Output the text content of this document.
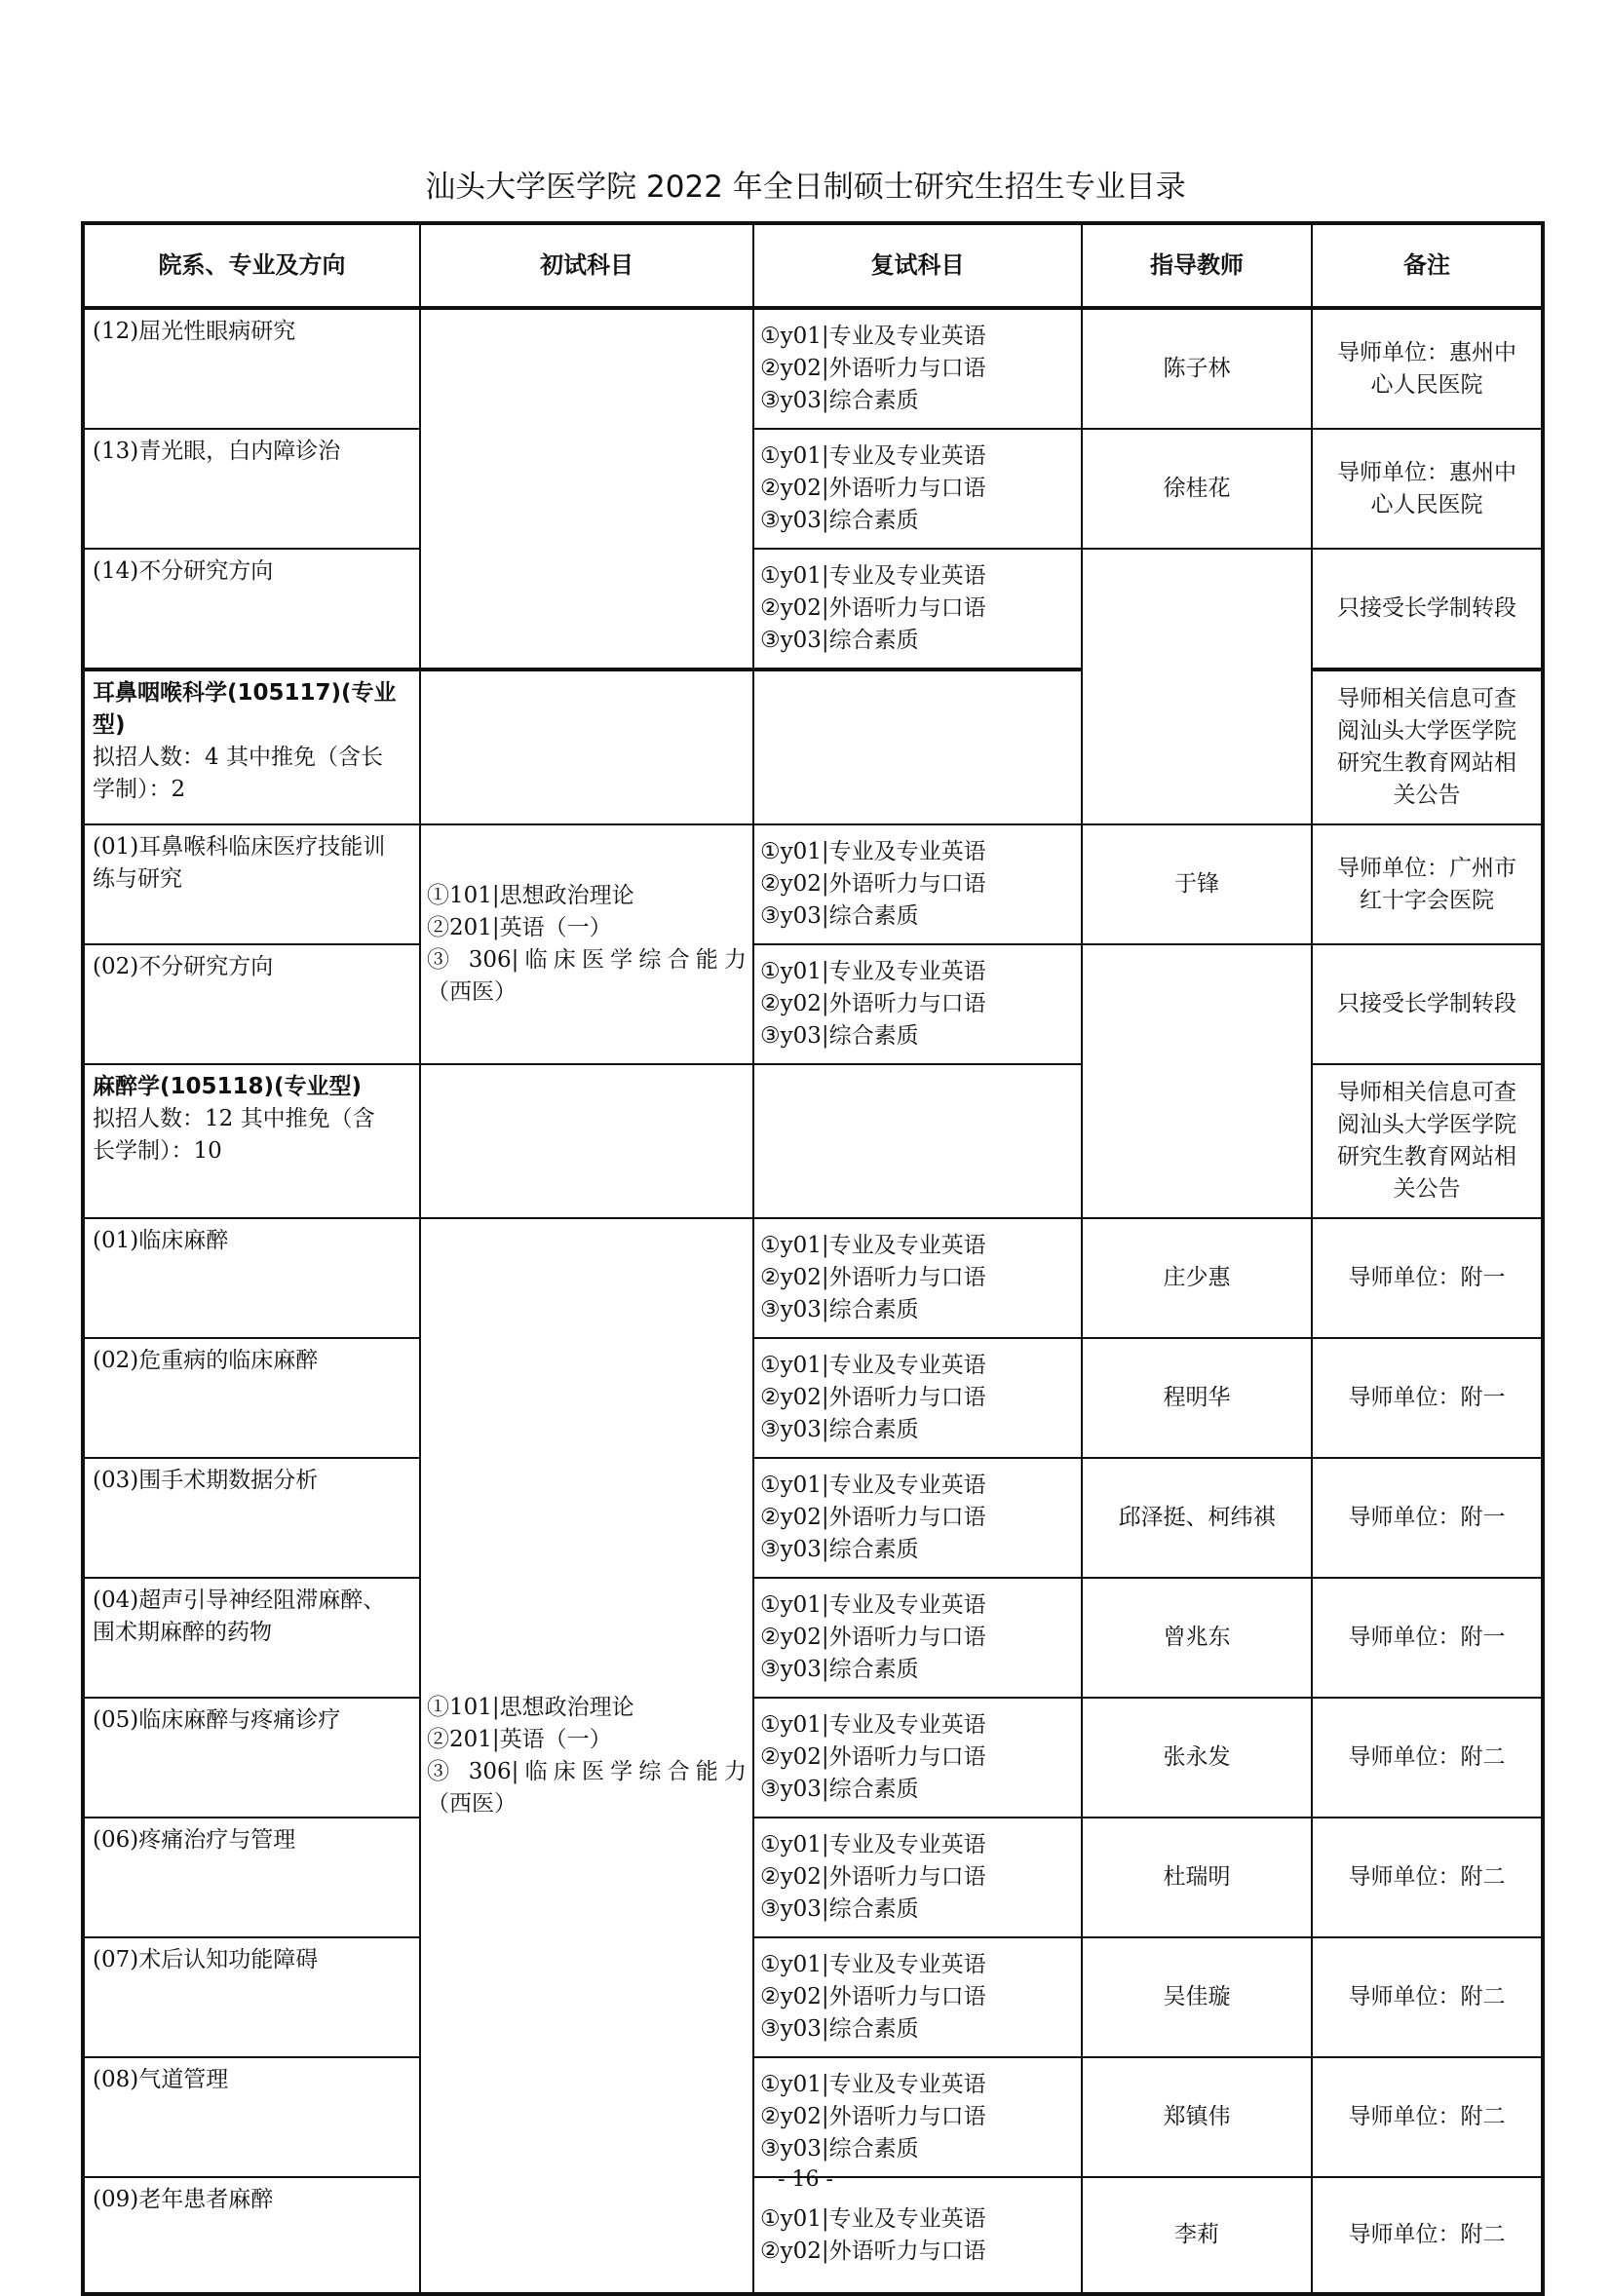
汕头大学医学院 2022 年全日制硕士研究生招生专业目录
院系、专业及方向	初试科目	复试科目	指导教师	备注

(12)屈光性眼病研究		①y01|专业及专业英语
②y02|外语听力与口语
③y03|综合素质	陈子林	导师单位：惠州中
心人民医院

(13)青光眼，白内障诊治		①y01|专业及专业英语
②y02|外语听力与口语
③y03|综合素质	徐桂花	导师单位：惠州中
心人民医院

(14)不分研究方向		①y01|专业及专业英语
②y02|外语听力与口语
③y03|综合素质		只接受长学制转段

耳鼻咽喉科学(105117)(专业
型)
拟招人数：4 其中推免（含长
学制）：2				导师相关信息可查
阅汕头大学医学院
研究生教育网站相
关公告

(01)耳鼻喉科临床医疗技能训
练与研究	①101|思想政治理论
②201|英语（一）
③ 306|临床医学综合能力
（西医）	①y01|专业及专业英语
②y02|外语听力与口语
③y03|综合素质	于锋	导师单位：广州市
红十字会医院

(02)不分研究方向		①y01|专业及专业英语
②y02|外语听力与口语
③y03|综合素质		只接受长学制转段

麻醉学(105118)(专业型)
拟招人数：12 其中推免（含
长学制）：10				导师相关信息可查
阅汕头大学医学院
研究生教育网站相
关公告

(01)临床麻醉	①101|思想政治理论
②201|英语（一）
③ 306|临床医学综合能力
（西医）	①y01|专业及专业英语
②y02|外语听力与口语
③y03|综合素质	庄少惠	导师单位：附一

(02)危重病的临床麻醉		①y01|专业及专业英语
②y02|外语听力与口语
③y03|综合素质	程明华	导师单位：附一

(03)围手术期数据分析		①y01|专业及专业英语
②y02|外语听力与口语
③y03|综合素质	邱泽挺、柯纬祺	导师单位：附一

(04)超声引导神经阻滞麻醉、
围术期麻醉的药物		①y01|专业及专业英语
②y02|外语听力与口语
③y03|综合素质	曾兆东	导师单位：附一

(05)临床麻醉与疼痛诊疗		①y01|专业及专业英语
②y02|外语听力与口语
③y03|综合素质	张永发	导师单位：附二

(06)疼痛治疗与管理		①y01|专业及专业英语
②y02|外语听力与口语
③y03|综合素质	杜瑞明	导师单位：附二

(07)术后认知功能障碍		①y01|专业及专业英语
②y02|外语听力与口语
③y03|综合素质	吴佳璇	导师单位：附二

(08)气道管理		①y01|专业及专业英语
②y02|外语听力与口语
③y03|综合素质	郑镇伟	导师单位：附二

(09)老年患者麻醉		①y01|专业及专业英语
②y02|外语听力与口语	李莉	导师单位：附二
- 16 -
